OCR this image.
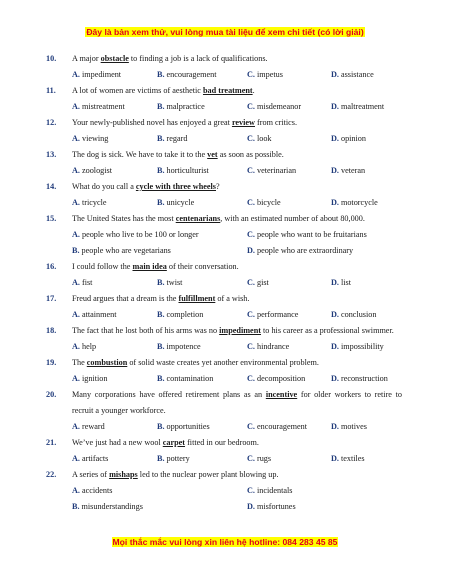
Đây là bản xem thử, vui lòng mua tài liệu để xem chi tiết (có lời giải)
10. A major obstacle to finding a job is a lack of qualifications.
A. impediment	B. encouragement	C. impetus	D. assistance
11. A lot of women are victims of aesthetic bad treatment.
A. mistreatment	B. malpractice	C. misdemeanor	D. maltreatment
12. Your newly-published novel has enjoyed a great review from critics.
A. viewing	B. regard	C. look	D. opinion
13. The dog is sick. We have to take it to the vet as soon as possible.
A. zoologist	B. horticulturist	C. veterinarian	D. veteran
14. What do you call a cycle with three wheels?
A. tricycle	B. unicycle	C. bicycle	D. motorcycle
15. The United States has the most centenarians, with an estimated number of about 80,000.
A. people who live to be 100 or longer
B. people who are vegetarians
C. people who want to be fruitarians
D. people who are extraordinary
16. I could follow the main idea of their conversation.
A. fist	B. twist	C. gist	D. list
17. Freud argues that a dream is the fulfillment of a wish.
A. attainment	B. completion	C. performance	D. conclusion
18. The fact that he lost both of his arms was no impediment to his career as a professional swimmer.
A. help	B. impotence	C. hindrance	D. impossibility
19. The combustion of solid waste creates yet another environmental problem.
A. ignition	B. contamination	C. decomposition	D. reconstruction
20. Many corporations have offered retirement plans as an incentive for older workers to retire to recruit a younger workforce.
A. reward	B. opportunities	C. encouragement	D. motives
21. We’ve just had a new wool carpet fitted in our bedroom.
A. artifacts	B. pottery	C. rugs	D. textiles
22. A series of mishaps led to the nuclear power plant blowing up.
A. accidents
B. misunderstandings
C. incidentals
D. misfortunes
Mọi thắc mắc vui lòng xin liên hệ hotline: 084 283 45 85
